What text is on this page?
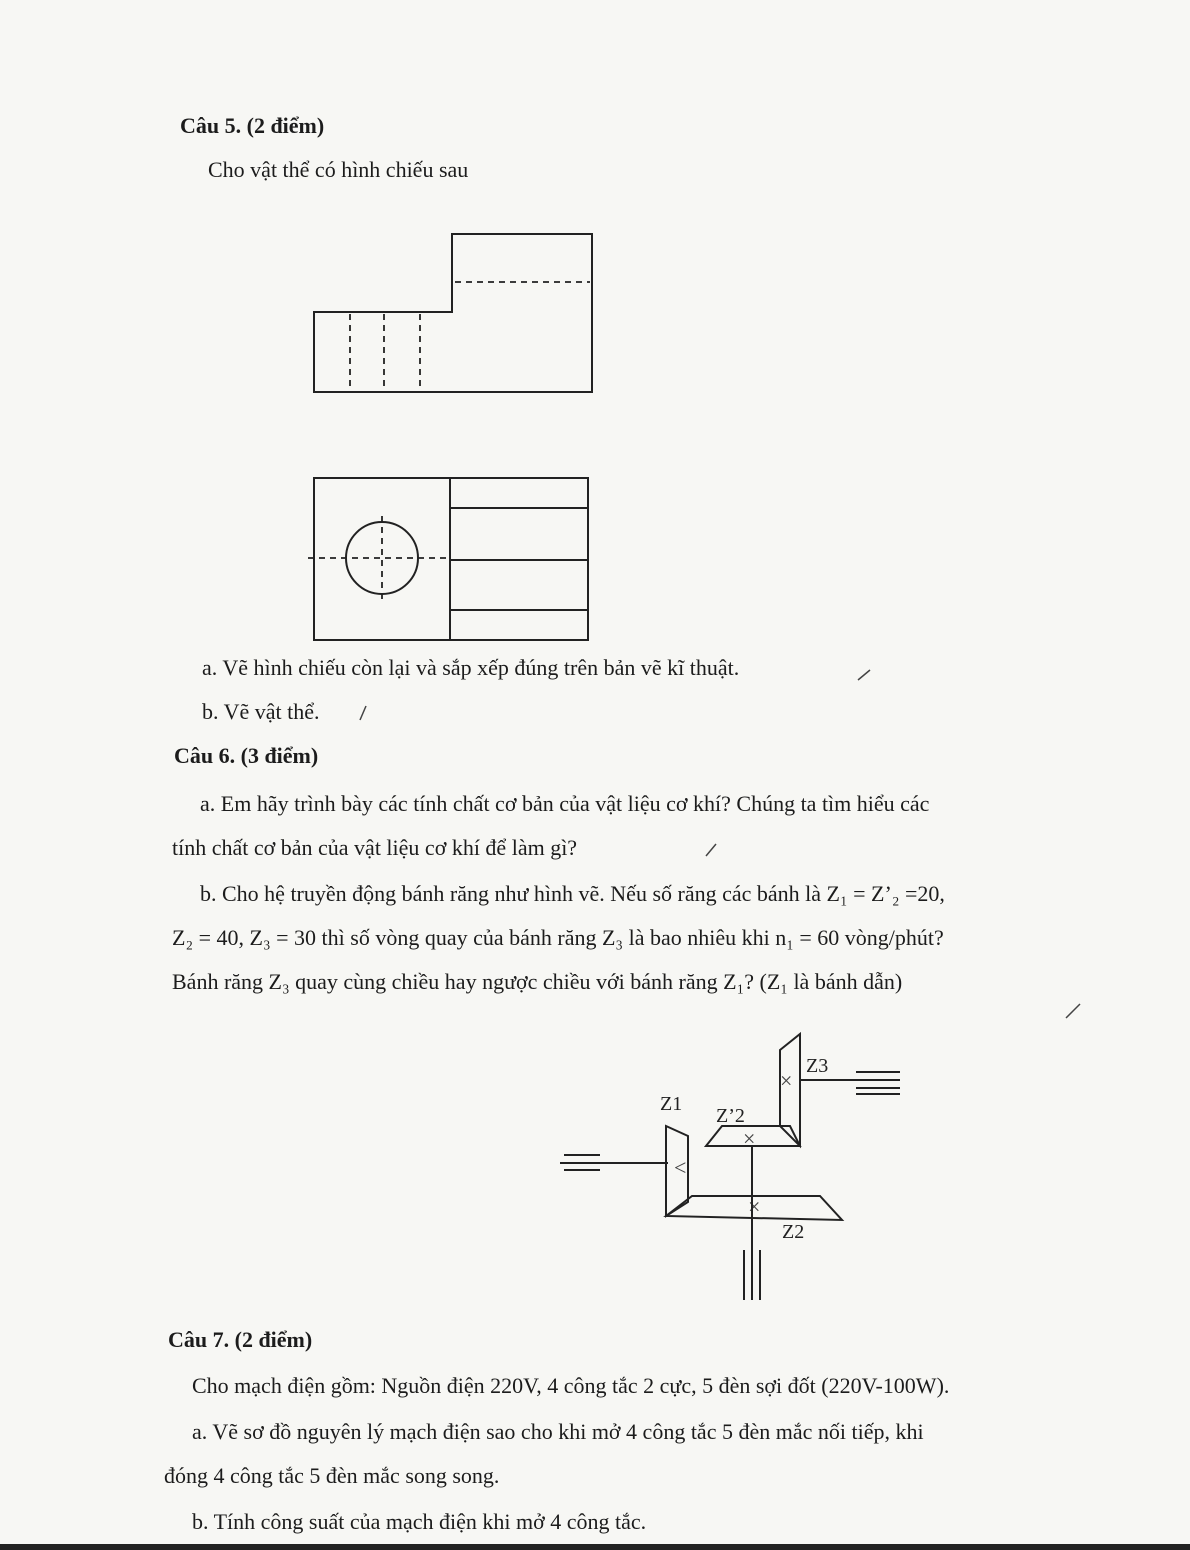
Câu 5. (2 điểm)
Cho vật thể có hình chiếu sau
<
×
×
×
Z1
Z’2
Z3
Z2
a. Vẽ hình chiếu còn lại và sắp xếp đúng trên bản vẽ kĩ thuật.
b. Vẽ vật thể.
Câu 6. (3 điểm)
a. Em hãy trình bày các tính chất cơ bản của vật liệu cơ khí? Chúng ta tìm hiểu các
tính chất cơ bản của vật liệu cơ khí để làm gì?
b. Cho hệ truyền động bánh răng như hình vẽ. Nếu số răng các bánh là Z₁ = Z’₂ =20,
Z₂ = 40, Z₃ = 30 thì số vòng quay của bánh răng Z₃ là bao nhiêu khi n₁ = 60 vòng/phút?
Bánh răng Z₃ quay cùng chiều hay ngược chiều với bánh răng Z₁? (Z₁ là bánh dẫn)
Câu 7. (2 điểm)
Cho mạch điện gồm: Nguồn điện 220V, 4 công tắc 2 cực, 5 đèn sợi đốt (220V-100W).
a. Vẽ sơ đồ nguyên lý mạch điện sao cho khi mở 4 công tắc 5 đèn mắc nối tiếp, khi
đóng 4 công tắc 5 đèn mắc song song.
b. Tính công suất của mạch điện khi mở 4 công tắc.
